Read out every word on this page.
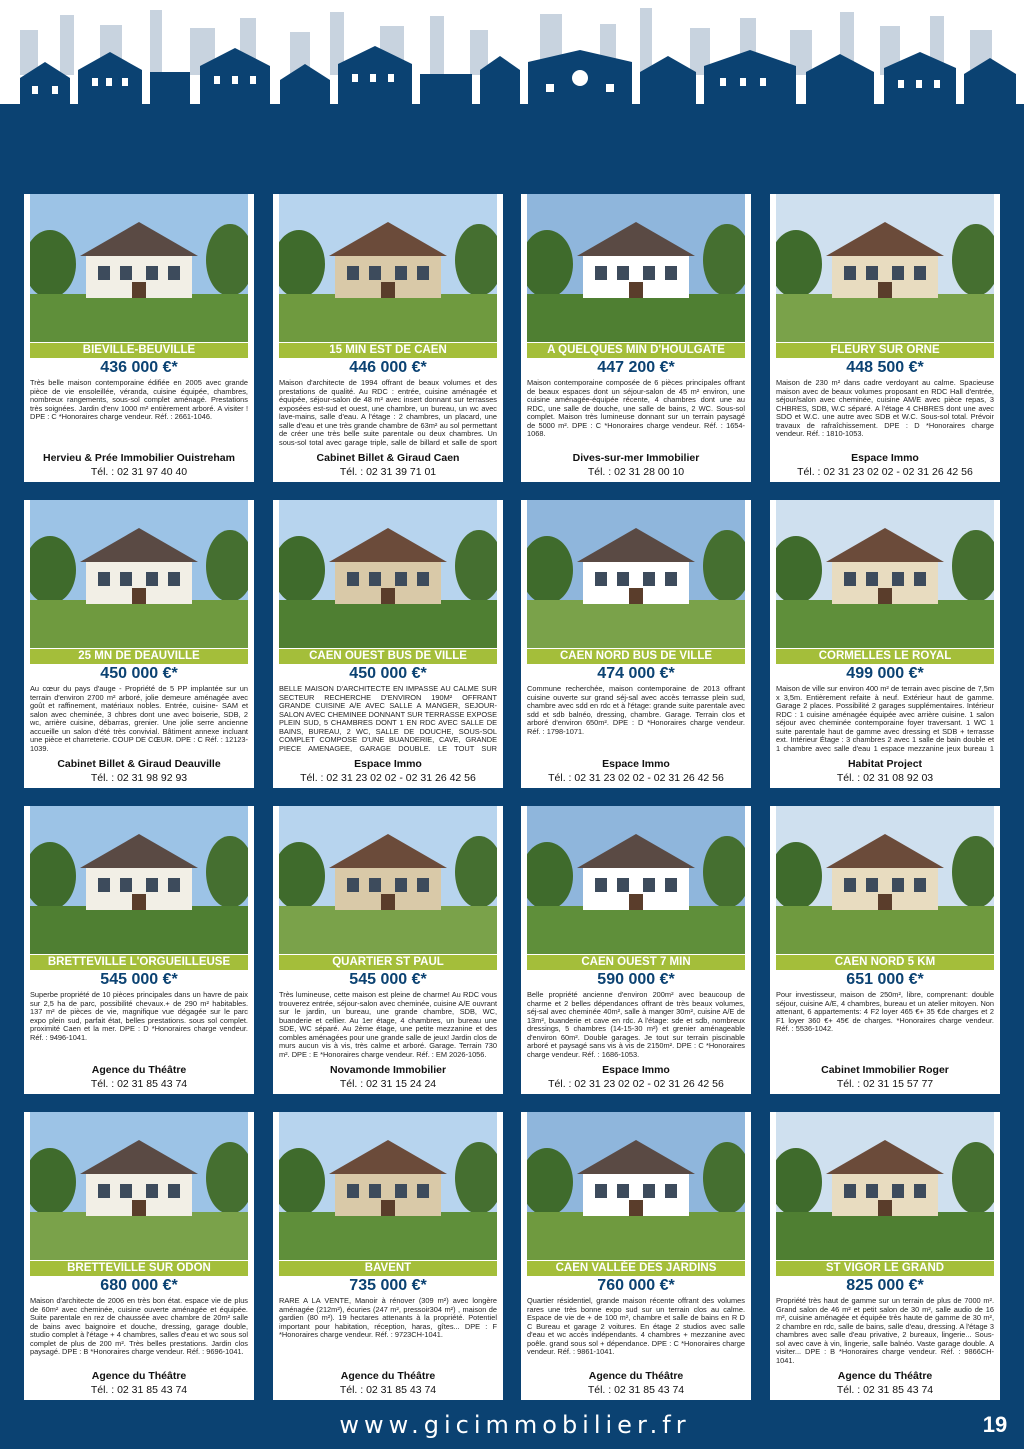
BIEVILLE-BEUVILLE
436 000 €*
Très belle maison contemporaine édifiée en 2005 avec grande pièce de vie ensoleillée, véranda, cuisine équipée, chambres, nombreux rangements, sous-sol complet aménagé. Prestations très soignées. Jardin d'env 1000 m² entièrement arboré. A visiter ! DPE : C *Honoraires charge vendeur. Réf. : 2661-1046.
Hervieu & Prée Immobilier Ouistreham
Tél. : 02 31 97 40 40
15 MIN EST DE CAEN
446 000 €*
Maison d'architecte de 1994 offrant de beaux volumes et des prestations de qualité. Au RDC : entrée, cuisine aménagée et équipée, séjour-salon de 48 m² avec insert donnant sur terrasses exposées est-sud et ouest, une chambre, un bureau, un wc avec lave-mains, salle d'eau. A l'étage : 2 chambres, un placard, une salle d'eau et une très grande chambre de 63m² au sol permettant de créer une très belle suite parentale ou deux chambres. Un sous-sol total avec garage triple, salle de billard et salle de sport
Cabinet Billet & Giraud Caen
Tél. : 02 31 39 71 01
A QUELQUES MIN D'HOULGATE
447 200 €*
Maison contemporaine composée de 6 pièces principales offrant de beaux espaces dont un séjour-salon de 45 m² environ, une cuisine aménagée-équipée récente, 4 chambres dont une au RDC, une salle de douche, une salle de bains, 2 WC. Sous-sol complet. Maison très lumineuse donnant sur un terrain paysagé de 5000 m². DPE : C *Honoraires charge vendeur. Réf. : 1654-1068.
Dives-sur-mer Immobilier
Tél. : 02 31 28 00 10
FLEURY SUR ORNE
448 500 €*
Maison de 230 m² dans cadre verdoyant au calme. Spacieuse maison avec de beaux volumes proposant en RDC Hall d'entrée, séjour/salon avec cheminée, cuisine AM/E avec pièce repas, 3 CHBRES, SDB, W.C séparé. A l'étage 4 CHBRES dont une avec SDO et W.C. une autre avec SDB et W.C. Sous-sol total. Prévoir travaux de rafraîchissement. DPE : D *Honoraires charge vendeur. Réf. : 1810-1053.
Espace Immo
Tél. : 02 31 23 02 02 - 02 31 26 42 56
25 MN DE DEAUVILLE
450 000 €*
Au cœur du pays d'auge - Propriété de 5 PP implantée sur un terrain d'environ 2700 m² arboré, jolie demeure aménagée avec goût et raffinement, matériaux nobles. Entrée, cuisine- SAM et salon avec cheminée, 3 chbres dont une avec boiserie, SDB, 2 wc, arrière cuisine, débarras, grenier. Une jolie serre ancienne accueille un salon d'été très convivial. Bâtiment annexe incluant une pièce et charreterie. COUP DE CŒUR. DPE : C Réf. : 12123-1039.
Cabinet Billet & Giraud Deauville
Tél. : 02 31 98 92 93
CAEN OUEST BUS DE VILLE
450 000 €*
BELLE MAISON D'ARCHITECTE EN IMPASSE AU CALME SUR SECTEUR RECHERCHE D'ENVIRON 190M² OFFRANT GRANDE CUISINE A/E AVEC SALLE A MANGER, SEJOUR-SALON AVEC CHEMINEE DONNANT SUR TERRASSE EXPOSE PLEIN SUD, 5 CHAMBRES DONT 1 EN RDC AVEC SALLE DE BAINS, BUREAU, 2 WC, SALLE DE DOUCHE, SOUS-SOL COMPLET COMPOSE D'UNE BUANDERIE, CAVE, GRANDE PIECE AMENAGEE, GARAGE DOUBLE. LE TOUT SUR
Espace Immo
Tél. : 02 31 23 02 02 - 02 31 26 42 56
CAEN NORD BUS DE VILLE
474 000 €*
Commune recherchée, maison contemporaine de 2013 offrant cuisine ouverte sur grand séj-sal avec accès terrasse plein sud, chambre avec sdd en rdc et à l'étage: grande suite parentale avec sdd et sdb balnéo, dressing, chambre. Garage. Terrain clos et arboré d'environ 650m². DPE : D *Honoraires charge vendeur. Réf. : 1798-1071.
Espace Immo
Tél. : 02 31 23 02 02 - 02 31 26 42 56
CORMELLES LE ROYAL
499 000 €*
Maison de ville sur environ 400 m² de terrain avec piscine de 7,5m x 3,5m. Entièrement refaite à neuf. Extérieur haut de gamme. Garage 2 places. Possibilité 2 garages supplémentaires. Intérieur RDC : 1 cuisine aménagée équipée avec arrière cuisine. 1 salon séjour avec cheminée contemporaine foyer traversant. 1 WC 1 suite parentale haut de gamme avec dressing et SDB + terrasse ext. Intérieur Étage : 3 chambres 2 avec 1 salle de bain double et 1 chambre avec salle d'eau 1 espace mezzanine jeux bureau 1
Habitat Project
Tél. : 02 31 08 92 03
BRETTEVILLE L'ORGUEILLEUSE
545 000 €*
Superbe propriété de 10 pièces principales dans un havre de paix sur 2,5 ha de parc, possibilité chevaux.+ de 290 m² habitables. 137 m² de pièces de vie, magnifique vue dégagée sur le parc expo plein sud, parfait état, belles prestations. sous sol complet. proximité Caen et la mer. DPE : D *Honoraires charge vendeur. Réf. : 9496-1041.
Agence du Théâtre
Tél. : 02 31 85 43 74
QUARTIER ST PAUL
545 000 €*
Très lumineuse, cette maison est pleine de charme! Au RDC vous trouverez entrée, séjour-salon avec cheminée, cuisine A/E ouvrant sur le jardin, un bureau, une grande chambre, SDB, WC, buanderie et cellier. Au 1er étage, 4 chambres, un bureau une SDE, WC séparé. Au 2ème étage, une petite mezzanine et des combles aménagées pour une grande salle de jeux! Jardin clos de murs aucun vis à vis, très calme et arboré. Garage. Terrain 730 m². DPE : E *Honoraires charge vendeur. Réf. : EM 2026-1056.
Novamonde Immobilier
Tél. : 02 31 15 24 24
CAEN OUEST 7 MIN
590 000 €*
Belle propriété ancienne d'environ 200m² avec beaucoup de charme et 2 belles dépendances offrant de très beaux volumes, séj-sal avec cheminée 40m², salle à manger 30m², cuisine A/E de 13m², buanderie et cave en rdc. A l'étage: sde et sdb, nombreux dressings, 5 chambres (14-15-30 m²) et grenier aménageable d'environ 60m². Double garages. Je tout sur terrain piscinable arboré et paysagé sans vis à vis de 2150m². DPE : C *Honoraires charge vendeur. Réf. : 1686-1053.
Espace Immo
Tél. : 02 31 23 02 02 - 02 31 26 42 56
CAEN NORD 5 KM
651 000 €*
Pour investisseur, maison de 250m², libre, comprenant: double séjour, cuisine A/E, 4 chambres, bureau et un atelier mitoyen. Non attenant, 6 appartements: 4 F2 loyer 465 €+ 35 €de charges et 2 F1 loyer 360 €+ 45€ de charges. *Honoraires charge vendeur. Réf. : 5536-1042.
Cabinet Immobilier Roger
Tél. : 02 31 15 57 77
BRETTEVILLE SUR ODON
680 000 €*
Maison d'architecte de 2006 en très bon état. espace vie de plus de 60m² avec cheminée, cuisine ouverte aménagée et équipée. Suite parentale en rez de chaussée avec chambre de 20m² salle de bains avec baignoire et douche, dressing, garage double, studio complet à l'étage + 4 chambres, salles d'eau et wc sous sol complet de plus de 200 m². Très belles prestations. Jardin clos paysagé. DPE : B *Honoraires charge vendeur. Réf. : 9696-1041.
Agence du Théâtre
Tél. : 02 31 85 43 74
BAVENT
735 000 €*
RARE A LA VENTE, Manoir à rénover (309 m²) avec longère aménagée (212m²), écuries (247 m², pressoir304 m²) , maison de gardien (80 m²). 19 hectares attenants à la propriété. Potentiel important pour habitation, réception, haras, gîtes... DPE : F *Honoraires charge vendeur. Réf. : 9723CH-1041.
Agence du Théâtre
Tél. : 02 31 85 43 74
CAEN VALLÉE DES JARDINS
760 000 €*
Quartier résidentiel, grande maison récente offrant des volumes rares une très bonne expo sud sur un terrain clos au calme. Espace de vie de + de 100 m², chambre et salle de bains en R D C Bureau et garage 2 voitures. En étage 2 studios avec salle d'eau et wc accès indépendants. 4 chambres + mezzanine avec poêle. grand sous sol + dépendance. DPE : C *Honoraires charge vendeur. Réf. : 9861-1041.
Agence du Théâtre
Tél. : 02 31 85 43 74
ST VIGOR LE GRAND
825 000 €*
Propriété très haut de gamme sur un terrain de plus de 7000 m². Grand salon de 46 m² et petit salon de 30 m², salle audio de 16 m², cuisine aménagée et équipée très haute de gamme de 30 m², 2 chambre en rdc, salle de bains, salle d'eau, dressing. A l'étage 3 chambres avec salle d'eau privative, 2 bureaux, lingerie... Sous-sol avec cave à vin, lingerie, salle balnéo. Vaste garage double. A visiter... DPE : B *Honoraires charge vendeur. Réf. : 9866CH-1041.
Agence du Théâtre
Tél. : 02 31 85 43 74
www.gicimmobilier.fr	19
